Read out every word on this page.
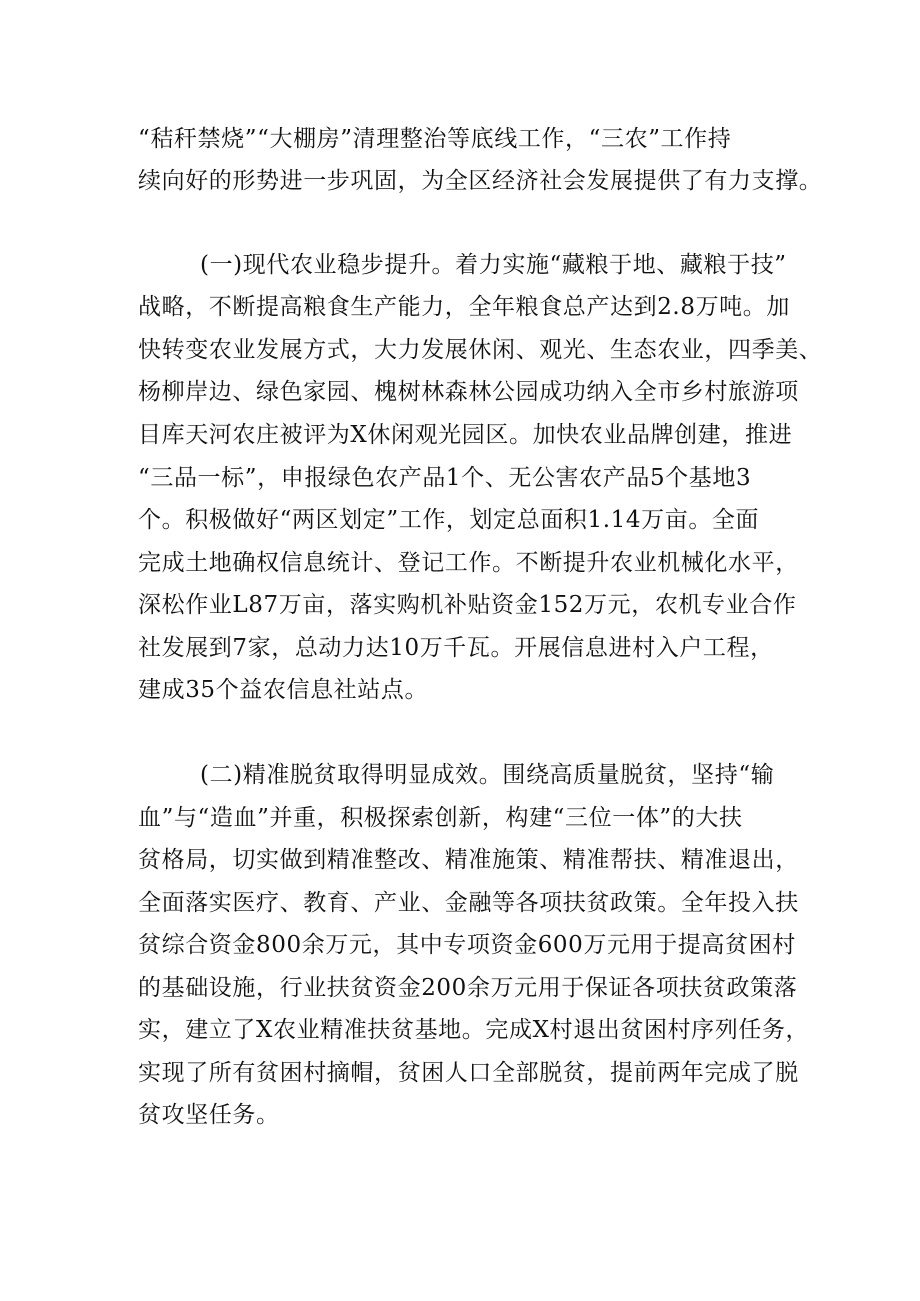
“秸秆禁烧”“大棚房”清理整治等底线工作，“三农”工作持
续向好的形势进一步巩固，为全区经济社会发展提供了有力支撑。
(一)现代农业稳步提升。着力实施“藏粮于地、藏粮于技”
战略，不断提高粮食生产能力，全年粮食总产达到2.8万吨。加
快转变农业发展方式，大力发展休闲、观光、生态农业，四季美、
杨柳岸边、绿色家园、槐树林森林公园成功纳入全市乡村旅游项
目库天河农庄被评为X休闲观光园区。加快农业品牌创建，推进
“三品一标”，申报绿色农产品1个、无公害农产品5个基地3
个。积极做好“两区划定”工作，划定总面积1.14万亩。全面
完成土地确权信息统计、登记工作。不断提升农业机械化水平，
深松作业L87万亩，落实购机补贴资金152万元，农机专业合作
社发展到7家，总动力达10万千瓦。开展信息进村入户工程，
建成35个益农信息社站点。
(二)精准脱贫取得明显成效。围绕高质量脱贫，坚持“输
血”与“造血”并重，积极探索创新，构建“三位一体”的大扶
贫格局，切实做到精准整改、精准施策、精准帮扶、精准退出，
全面落实医疗、教育、产业、金融等各项扶贫政策。全年投入扶
贫综合资金800余万元，其中专项资金600万元用于提高贫困村
的基础设施，行业扶贫资金200余万元用于保证各项扶贫政策落
实，建立了X农业精准扶贫基地。完成X村退出贫困村序列任务，
实现了所有贫困村摘帽，贫困人口全部脱贫，提前两年完成了脱
贫攻坚任务。
